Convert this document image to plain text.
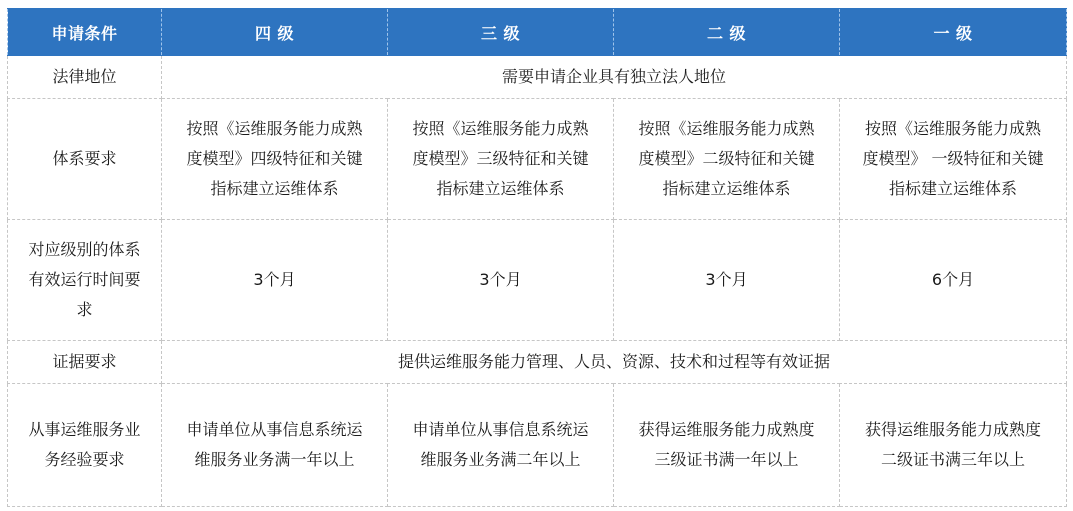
申请条件	四 级	三 级	二 级	一 级
法律地位	需要申请企业具有独立法人地位			
体系要求	按照《运维服务能力成熟度模型》四级特征和关键指标建立运维体系	按照《运维服务能力成熟度模型》三级特征和关键指标建立运维体系	按照《运维服务能力成熟度模型》二级特征和关键指标建立运维体系	按照《运维服务能力成熟度模型》 一级特征和关键指标建立运维体系
对应级别的体系有效运行时间要求	3个月	3个月	3个月	6个月
证据要求	提供运维服务能力管理、人员、资源、技术和过程等有效证据			
从事运维服务业务经验要求	申请单位从事信息系统运维服务业务满一年以上	申请单位从事信息系统运维服务业务满二年以上	获得运维服务能力成熟度三级证书满一年以上	获得运维服务能力成熟度二级证书满三年以上
